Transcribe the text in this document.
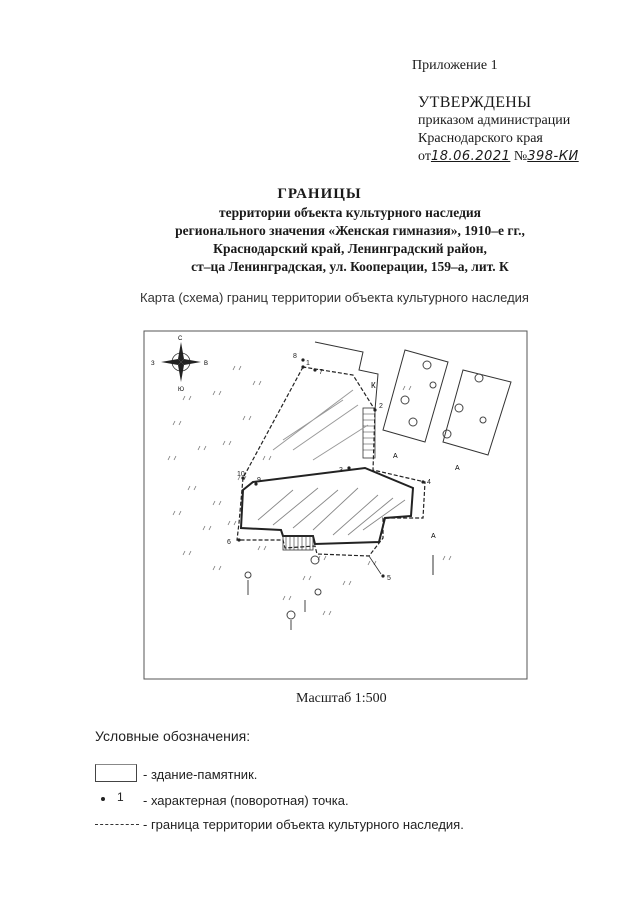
Приложение 1
УТВЕРЖДЕНЫ
приказом администрации
Краснодарского края
от18.06.2021 №398-КИ
ГРАНИЦЫ
территории объекта культурного наследия
регионального значения «Женская гимназия», 1910–е гг.,
Краснодарский край, Ленинградский район,
ст–ца Ленинградская, ул. Кооперации, 159–а, лит. К
Карта (схема) границ территории объекта культурного наследия
С
Ю
З	В
К
А
А
А
1
2
3
4
5
6
7
8
9
10
Масштаб 1:500
Условные обозначения:
- здание-памятник.
1 - характерная (поворотная) точка.
- граница территории объекта культурного наследия.
